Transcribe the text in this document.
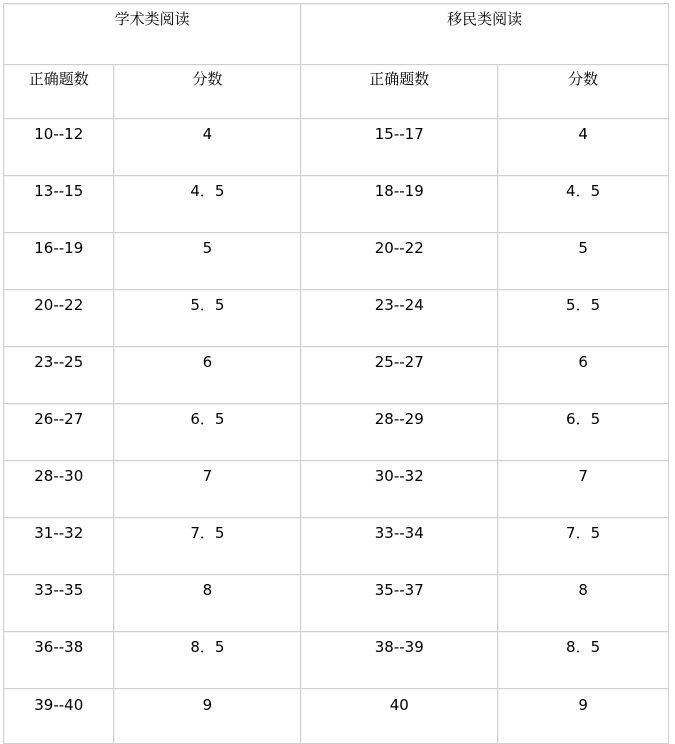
学术类阅读		移民类阅读	
正确题数	分数	正确题数	分数
10--12	4	15--17	4
13--15	4．5	18--19	4．5
16--19	5	20--22	5
20--22	5．5	23--24	5．5
23--25	6	25--27	6
26--27	6．5	28--29	6．5
28--30	7	30--32	7
31--32	7．5	33--34	7．5
33--35	8	35--37	8
36--38	8．5	38--39	8．5
39--40	9	40	9
